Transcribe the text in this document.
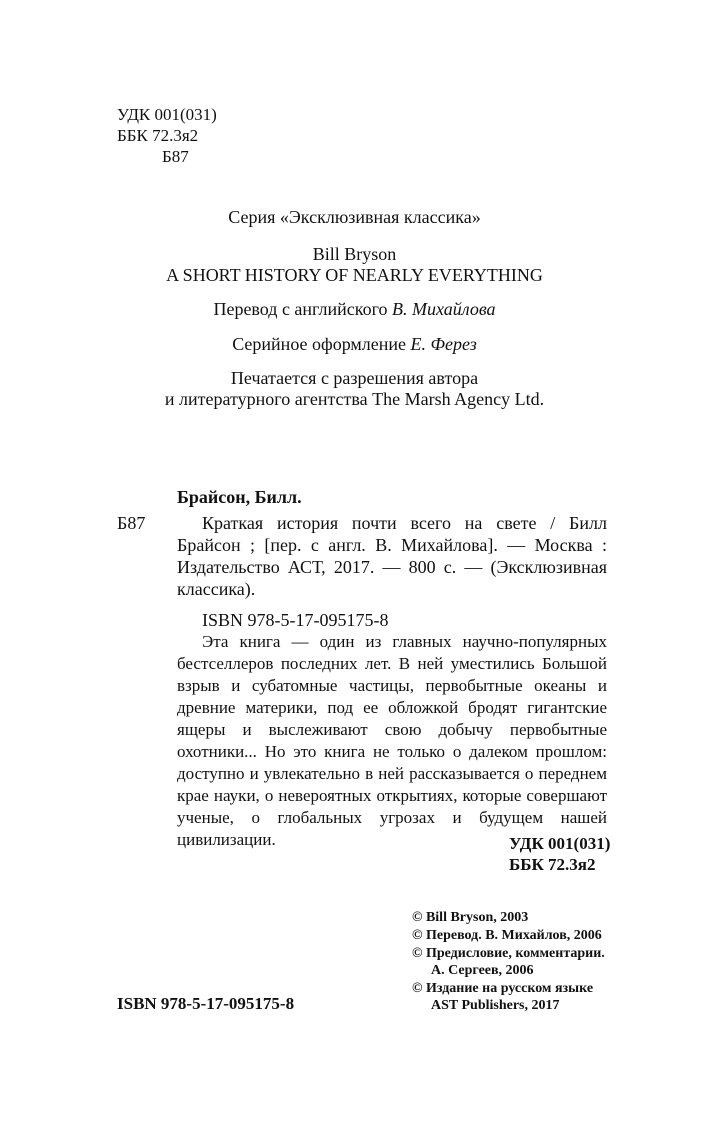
УДК 001(031)
ББК 72.3я2
Б87
Серия «Эксклюзивная классика»
Bill Bryson
A SHORT HISTORY OF NEARLY EVERYTHING
Перевод с английского В. Михайлова
Серийное оформление Е. Ферез
Печатается с разрешения автора
и литературного агентства The Marsh Agency Ltd.
Брайсон, Билл.
Б87	Краткая история почти всего на свете / Билл Брайсон ; [пер. с англ. В. Михайлова]. — Москва : Издательство АСТ, 2017. — 800 с. — (Эксклюзивная классика).
ISBN 978-5-17-095175-8
Эта книга — один из главных научно-популярных бестселлеров последних лет. В ней уместились Большой взрыв и субатомные частицы, первобытные океаны и древние материки, под ее обложкой бродят гигантские ящеры и выслеживают свою добычу первобытные охотники... Но это книга не только о далеком прошлом: доступно и увлекательно в ней рассказывается о переднем крае науки, о невероятных открытиях, которые совершают ученые, о глобальных угрозах и будущем нашей цивилизации.	УДК 001(031)
ББК 72.3я2
© Bill Bryson, 2003
© Перевод. В. Михайлов, 2006
© Предисловие, комментарии.
А. Сергеев, 2006
© Издание на русском языке
AST Publishers, 2017
ISBN 978-5-17-095175-8
